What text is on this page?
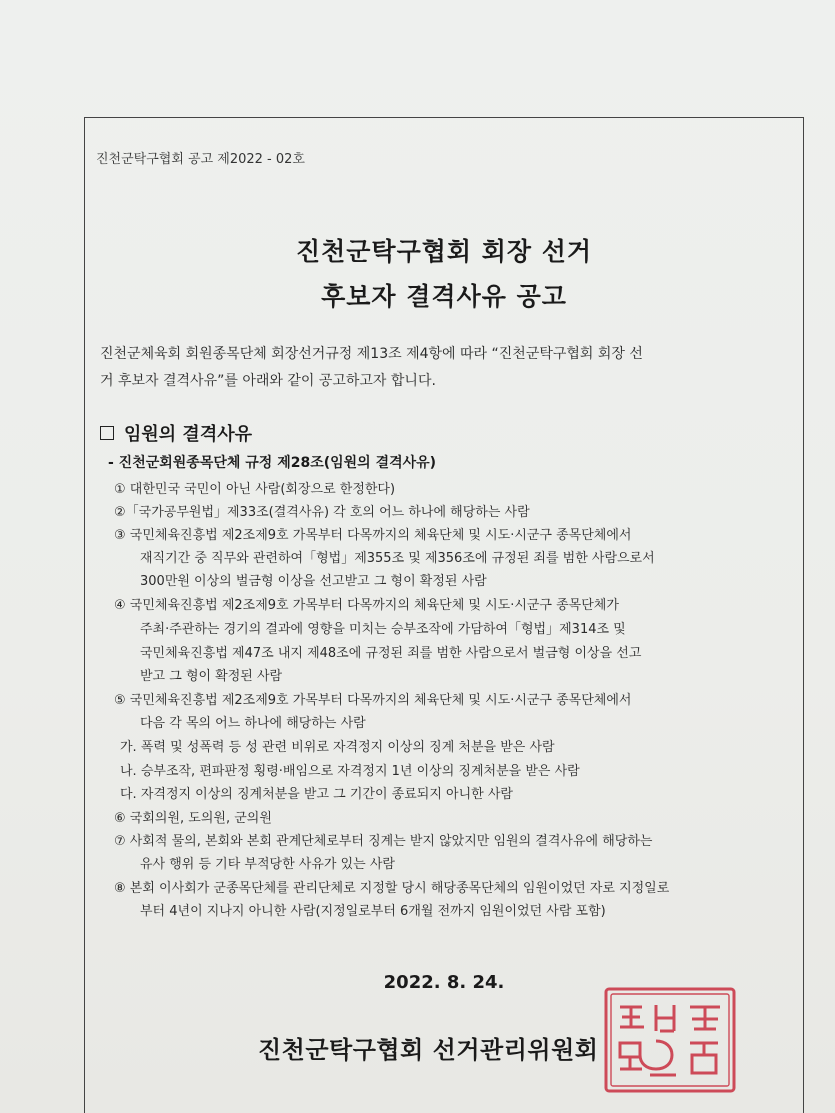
진천군탁구협회 공고 제2022 - 02호
진천군탁구협회 회장 선거
후보자 결격사유 공고
진천군체육회 회원종목단체 회장선거규정 제13조 제4항에 따라 “진천군탁구협회 회장 선
거 후보자 결격사유”를 아래와 같이 공고하고자 합니다.
임원의 결격사유
- 진천군회원종목단체 규정 제28조(임원의 결격사유)
① 대한민국 국민이 아닌 사람(회장으로 한정한다)
②「국가공무원법」제33조(결격사유) 각 호의 어느 하나에 해당하는 사람
③ 국민체육진흥법 제2조제9호 가목부터 다목까지의 체육단체 및 시도·시군구 종목단체에서
재직기간 중 직무와 관련하여「형법」제355조 및 제356조에 규정된 죄를 범한 사람으로서
300만원 이상의 벌금형 이상을 선고받고 그 형이 확정된 사람
④ 국민체육진흥법 제2조제9호 가목부터 다목까지의 체육단체 및 시도·시군구 종목단체가
주최·주관하는 경기의 결과에 영향을 미치는 승부조작에 가담하여「형법」제314조 및
국민체육진흥법 제47조 내지 제48조에 규정된 죄를 범한 사람으로서 벌금형 이상을 선고
받고 그 형이 확정된 사람
⑤ 국민체육진흥법 제2조제9호 가목부터 다목까지의 체육단체 및 시도·시군구 종목단체에서
다음 각 목의 어느 하나에 해당하는 사람
가. 폭력 및 성폭력 등 성 관련 비위로 자격정지 이상의 징계 처분을 받은 사람
나. 승부조작, 편파판정 횡령·배임으로 자격정지 1년 이상의 징계처분을 받은 사람
다. 자격정지 이상의 징계처분을 받고 그 기간이 종료되지 아니한 사람
⑥ 국회의원, 도의원, 군의원
⑦ 사회적 물의, 본회와 본회 관계단체로부터 징계는 받지 않았지만 임원의 결격사유에 해당하는
유사 행위 등 기타 부적당한 사유가 있는 사람
⑧ 본회 이사회가 군종목단체를 관리단체로 지정할 당시 해당종목단체의 임원이었던 자로 지정일로
부터 4년이 지나지 아니한 사람(지정일로부터 6개월 전까지 임원이었던 사람 포함)
2022. 8. 24.
진천군탁구협회 선거관리위원회
